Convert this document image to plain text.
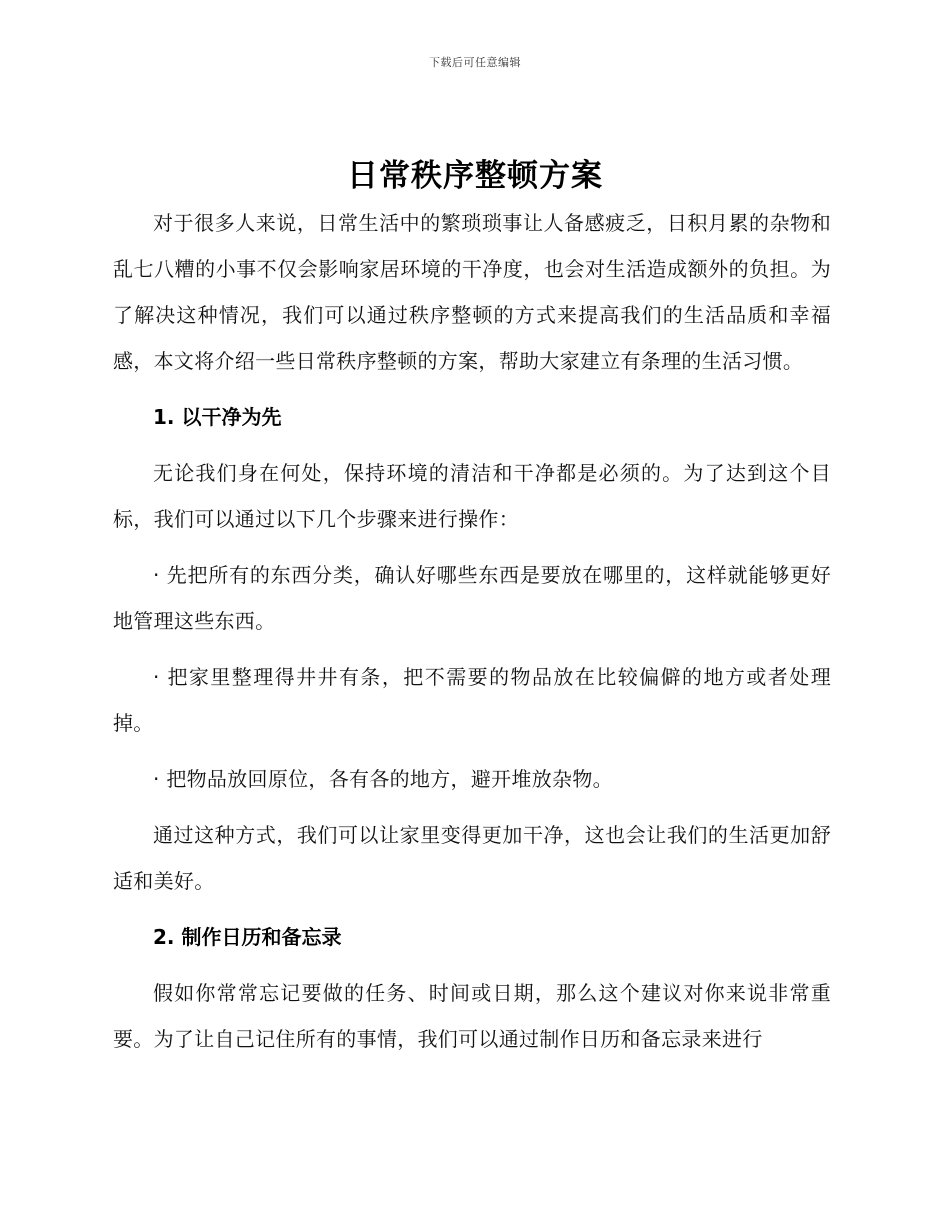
下载后可任意编辑
日常秩序整顿方案

对于很多人来说，日常生活中的繁琐琐事让人备感疲乏，日积月累的杂物和乱七八糟的小事不仅会影响家居环境的干净度，也会对生活造成额外的负担。为了解决这种情况，我们可以通过秩序整顿的方式来提高我们的生活品质和幸福感，本文将介绍一些日常秩序整顿的方案，帮助大家建立有条理的生活习惯。

1. 以干净为先

无论我们身在何处，保持环境的清洁和干净都是必须的。为了达到这个目标，我们可以通过以下几个步骤来进行操作：

· 先把所有的东西分类，确认好哪些东西是要放在哪里的，这样就能够更好地管理这些东西。

· 把家里整理得井井有条，把不需要的物品放在比较偏僻的地方或者处理掉。

· 把物品放回原位，各有各的地方，避开堆放杂物。

通过这种方式，我们可以让家里变得更加干净，这也会让我们的生活更加舒适和美好。

2. 制作日历和备忘录

假如你常常忘记要做的任务、时间或日期，那么这个建议对你来说非常重要。为了让自己记住所有的事情，我们可以通过制作日历和备忘录来进行
